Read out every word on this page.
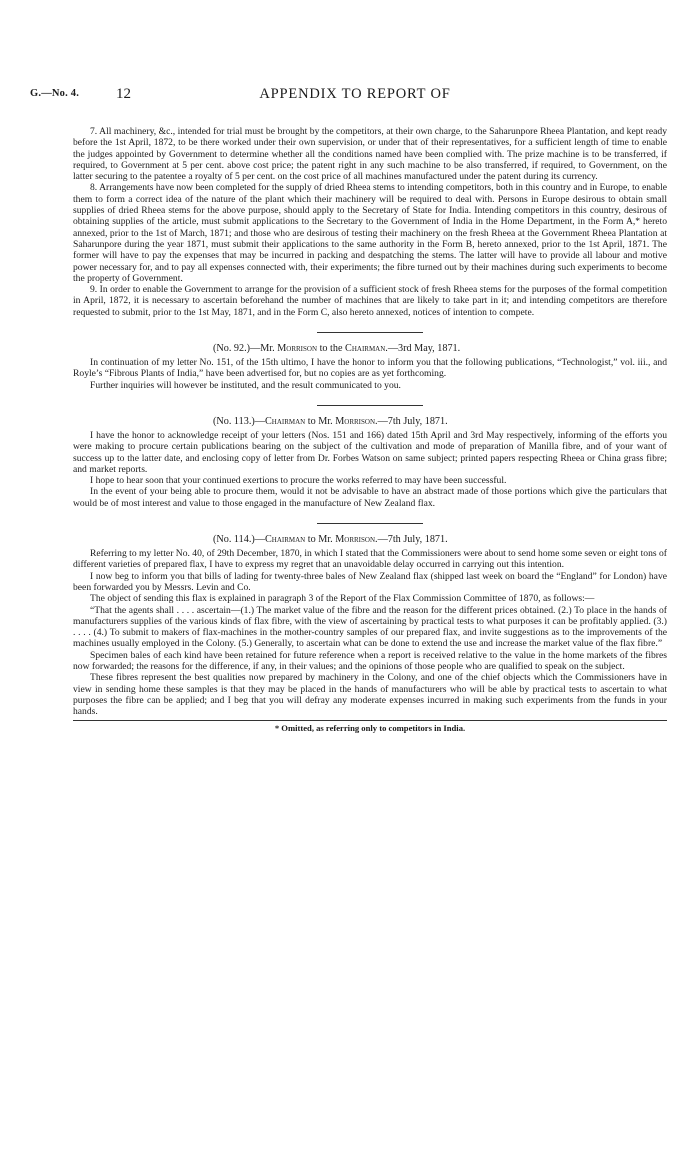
G.—No. 4. 12	APPENDIX TO REPORT OF

7. All machinery, &c., intended for trial must be brought by the competitors, at their own charge, to the Saharunpore Rheea Plantation, and kept ready before the 1st April, 1872, to be there worked under their own supervision, or under that of their representatives, for a sufficient length of time to enable the judges appointed by Government to determine whether all the conditions named have been complied with. The prize machine is to be transferred, if required, to Government at 5 per cent. above cost price; the patent right in any such machine to be also transferred, if required, to Government, on the latter securing to the patentee a royalty of 5 per cent. on the cost price of all machines manufactured under the patent during its currency.

8. Arrangements have now been completed for the supply of dried Rheea stems to intending competitors, both in this country and in Europe, to enable them to form a correct idea of the nature of the plant which their machinery will be required to deal with. Persons in Europe desirous to obtain small supplies of dried Rheea stems for the above purpose, should apply to the Secretary of State for India. Intending competitors in this country, desirous of obtaining supplies of the article, must submit applications to the Secretary to the Government of India in the Home Department, in the Form A,* hereto annexed, prior to the 1st of March, 1871; and those who are desirous of testing their machinery on the fresh Rheea at the Government Rheea Plantation at Saharunpore during the year 1871, must submit their applications to the same authority in the Form B, hereto annexed, prior to the 1st April, 1871. The former will have to pay the expenses that may be incurred in packing and despatching the stems. The latter will have to provide all labour and motive power necessary for, and to pay all expenses connected with, their experiments; the fibre turned out by their machines during such experiments to become the property of Government.

9. In order to enable the Government to arrange for the provision of a sufficient stock of fresh Rheea stems for the purposes of the formal competition in April, 1872, it is necessary to ascertain beforehand the number of machines that are likely to take part in it; and intending competitors are therefore requested to submit, prior to the 1st May, 1871, and in the Form C, also hereto annexed, notices of intention to compete.

(No. 92.)—Mr. Morrison to the Chairman.—3rd May, 1871.

In continuation of my letter No. 151, of the 15th ultimo, I have the honor to inform you that the following publications, “Technologist,” vol. iii., and Royle’s “Fibrous Plants of India,” have been advertised for, but no copies are as yet forthcoming.

Further inquiries will however be instituted, and the result communicated to you.

(No. 113.)—Chairman to Mr. Morrison.—7th July, 1871.

I have the honor to acknowledge receipt of your letters (Nos. 151 and 166) dated 15th April and 3rd May respectively, informing of the efforts you were making to procure certain publications bearing on the subject of the cultivation and mode of preparation of Manilla fibre, and of your want of success up to the latter date, and enclosing copy of letter from Dr. Forbes Watson on same subject; printed papers respecting Rheea or China grass fibre; and market reports.

I hope to hear soon that your continued exertions to procure the works referred to may have been successful.

In the event of your being able to procure them, would it not be advisable to have an abstract made of those portions which give the particulars that would be of most interest and value to those engaged in the manufacture of New Zealand flax.

(No. 114.)—Chairman to Mr. Morrison.—7th July, 1871.

Referring to my letter No. 40, of 29th December, 1870, in which I stated that the Commissioners were about to send home some seven or eight tons of different varieties of prepared flax, I have to express my regret that an unavoidable delay occurred in carrying out this intention.

I now beg to inform you that bills of lading for twenty-three bales of New Zealand flax (shipped last week on board the “England” for London) have been forwarded you by Messrs. Levin and Co.

The object of sending this flax is explained in paragraph 3 of the Report of the Flax Commission Committee of 1870, as follows:—

“That the agents shall . . . . ascertain—(1.) The market value of the fibre and the reason for the different prices obtained. (2.) To place in the hands of manufacturers supplies of the various kinds of flax fibre, with the view of ascertaining by practical tests to what purposes it can be profitably applied. (3.) . . . . (4.) To submit to makers of flax-machines in the mother-country samples of our prepared flax, and invite suggestions as to the improvements of the machines usually employed in the Colony. (5.) Generally, to ascertain what can be done to extend the use and increase the market value of the flax fibre.”

Specimen bales of each kind have been retained for future reference when a report is received relative to the value in the home markets of the fibres now forwarded; the reasons for the difference, if any, in their values; and the opinions of those people who are qualified to speak on the subject.

These fibres represent the best qualities now prepared by machinery in the Colony, and one of the chief objects which the Commissioners have in view in sending home these samples is that they may be placed in the hands of manufacturers who will be able by practical tests to ascertain to what purposes the fibre can be applied; and I beg that you will defray any moderate expenses incurred in making such experiments from the funds in your hands.

* Omitted, as referring only to competitors in India.
